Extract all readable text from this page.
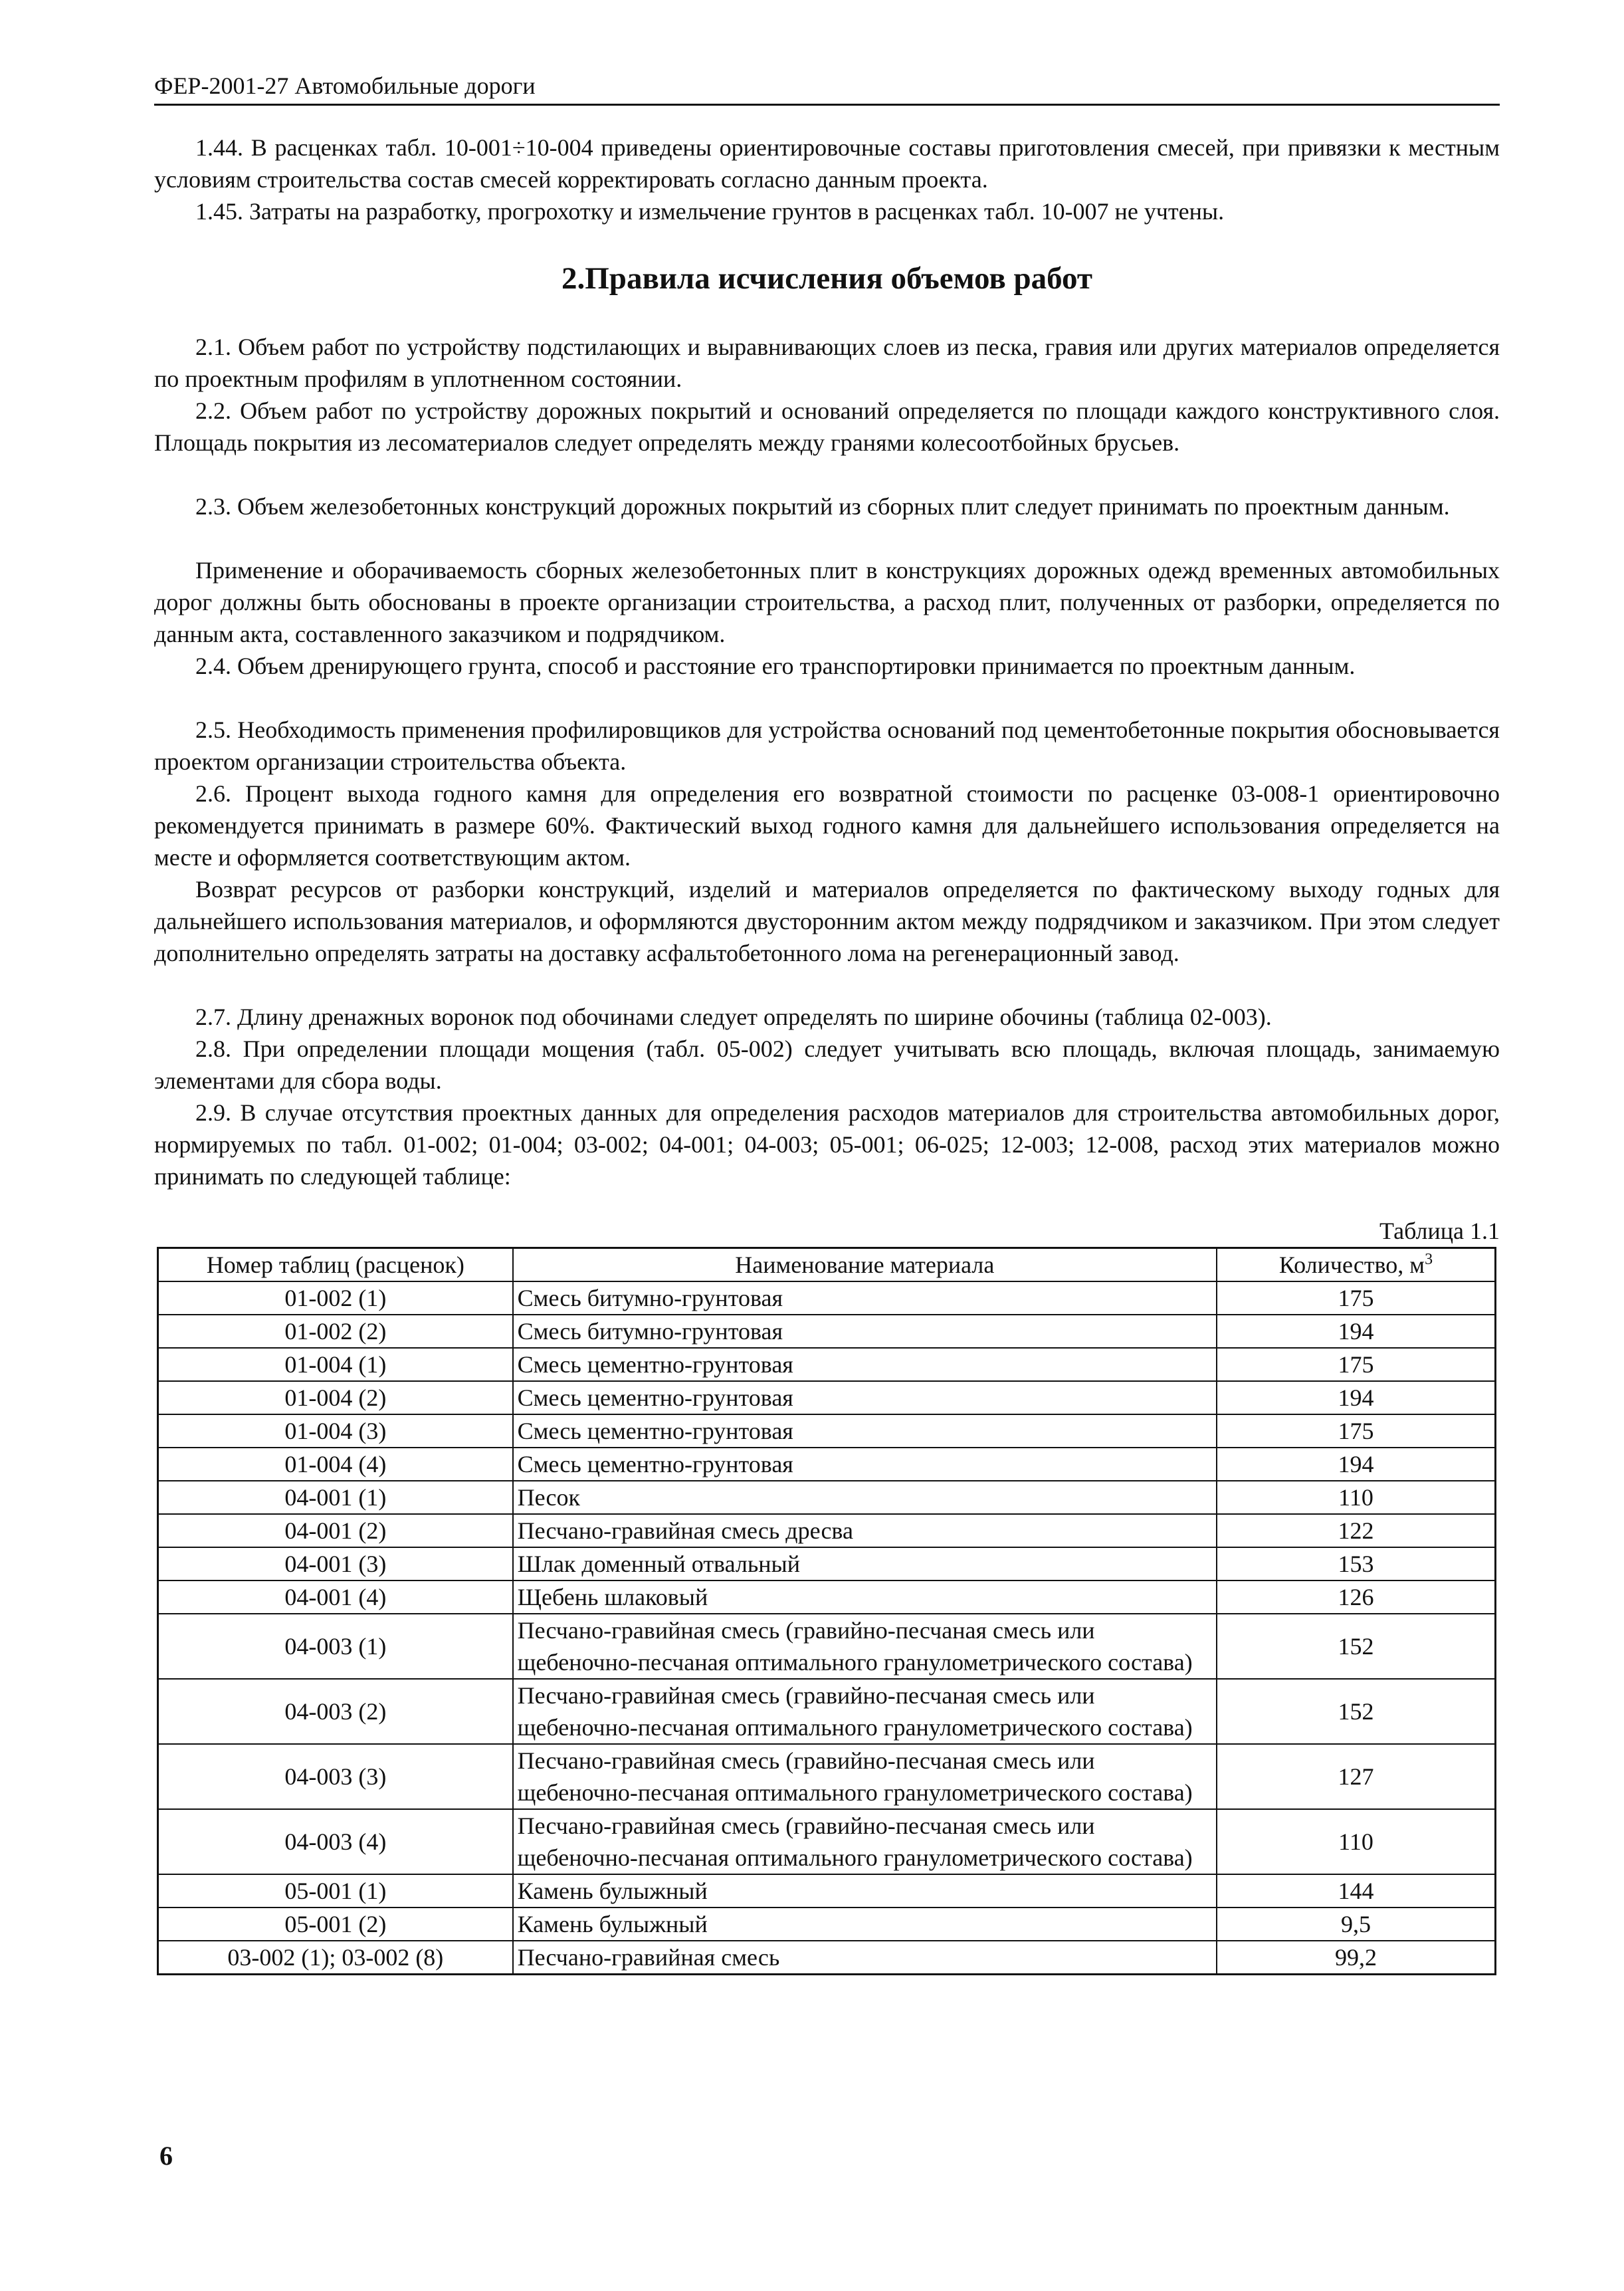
ФЕР-2001-27 Автомобильные дороги

1.44. В расценках табл. 10-001÷10-004 приведены ориентировочные составы приготовления смесей, при привязки к местным условиям строительства состав смесей корректировать согласно данным проекта.

1.45. Затраты на разработку, прогрохотку и измельчение грунтов в расценках табл. 10-007 не учтены.

2.Правила исчисления объемов работ

2.1. Объем работ по устройству подстилающих и выравнивающих слоев из песка, гравия или других материалов определяется по проектным профилям в уплотненном состоянии.

2.2. Объем работ по устройству дорожных покрытий и оснований определяется по площади каждого конструктивного слоя. Площадь покрытия из лесоматериалов следует определять между гранями колесоотбойных брусьев.

2.3. Объем железобетонных конструкций дорожных покрытий из сборных плит следует принимать по проектным данным.

Применение и оборачиваемость сборных железобетонных плит в конструкциях дорожных одежд временных автомобильных дорог должны быть обоснованы в проекте организации строительства, а расход плит, полученных от разборки, определяется по данным акта, составленного заказчиком и подрядчиком.

2.4. Объем дренирующего грунта, способ и расстояние его транспортировки принимается по проектным данным.

2.5. Необходимость применения профилировщиков для устройства оснований под цементобетонные покрытия обосновывается проектом организации строительства объекта.

2.6. Процент выхода годного камня для определения его возвратной стоимости по расценке 03-008-1 ориентировочно рекомендуется принимать в размере 60%. Фактический выход годного камня для дальнейшего использования определяется на месте и оформляется соответствующим актом.

Возврат ресурсов от разборки конструкций, изделий и материалов определяется по фактическому выходу годных для дальнейшего использования материалов, и оформляются двусторонним актом между подрядчиком и заказчиком. При этом следует дополнительно определять затраты на доставку асфальтобетонного лома на регенерационный завод.

2.7. Длину дренажных воронок под обочинами следует определять по ширине обочины (таблица 02-003).

2.8. При определении площади мощения (табл. 05-002) следует учитывать всю площадь, включая площадь, занимаемую элементами для сбора воды.

2.9. В случае отсутствия проектных данных для определения расходов материалов для строительства автомобильных дорог, нормируемых по табл. 01-002; 01-004; 03-002; 04-001; 04-003; 05-001; 06-025; 12-003; 12-008, расход этих материалов можно принимать по следующей таблице:

Таблица 1.1
Номер таблиц (расценок)	Наименование материала	Количество, $м^3$
01-002 (1)	Смесь битумно-грунтовая	175
01-002 (2)	Смесь битумно-грунтовая	194
01-004 (1)	Смесь цементно-грунтовая	175
01-004 (2)	Смесь цементно-грунтовая	194
01-004 (3)	Смесь цементно-грунтовая	175
01-004 (4)	Смесь цементно-грунтовая	194
04-001 (1)	Песок	110
04-001 (2)	Песчано-гравийная смесь дресва	122
04-001 (3)	Шлак доменный отвальный	153
04-001 (4)	Щебень шлаковый	126
04-003 (1)	Песчано-гравийная смесь (гравийно-песчаная смесь или щебеночно-песчаная оптимального гранулометрического состава)	152
04-003 (2)	Песчано-гравийная смесь (гравийно-песчаная смесь или щебеночно-песчаная оптимального гранулометрического состава)	152
04-003 (3)	Песчано-гравийная смесь (гравийно-песчаная смесь или щебеночно-песчаная оптимального гранулометрического состава)	127
04-003 (4)	Песчано-гравийная смесь (гравийно-песчаная смесь или щебеночно-песчаная оптимального гранулометрического состава)	110
05-001 (1)	Камень булыжный	144
05-001 (2)	Камень булыжный	9,5
03-002 (1); 03-002 (8)	Песчано-гравийная смесь	99,2
6
